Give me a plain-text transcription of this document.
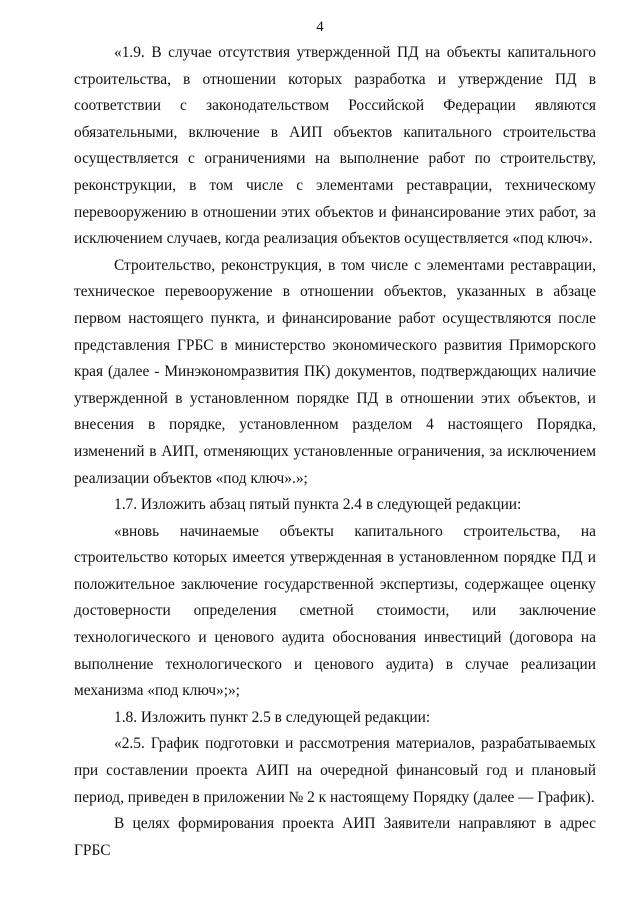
4

«1.9. В случае отсутствия утвержденной ПД на объекты капитального строительства, в отношении которых разработка и утверждение ПД в соответствии с законодательством Российской Федерации являются обязательными, включение в АИП объектов капитального строительства осуществляется с ограничениями на выполнение работ по строительству, реконструкции, в том числе с элементами реставрации, техническому перевооружению в отношении этих объектов и финансирование этих работ, за исключением случаев, когда реализация объектов осуществляется «под ключ».

Строительство, реконструкция, в том числе с элементами реставрации, техническое перевооружение в отношении объектов, указанных в абзаце первом настоящего пункта, и финансирование работ осуществляются после представления ГРБС в министерство экономического развития Приморского края (далее - Минэкономразвития ПК) документов, подтверждающих наличие утвержденной в установленном порядке ПД в отношении этих объектов, и внесения в порядке, установленном разделом 4 настоящего Порядка, изменений в АИП, отменяющих установленные ограничения, за исключением реализации объектов «под ключ».»;

1.7. Изложить абзац пятый пункта 2.4 в следующей редакции:

«вновь начинаемые объекты капитального строительства, на строительство которых имеется утвержденная в установленном порядке ПД и положительное заключение государственной экспертизы, содержащее оценку достоверности определения сметной стоимости, или заключение технологического и ценового аудита обоснования инвестиций (договора на выполнение технологического и ценового аудита) в случае реализации механизма «под ключ»;»;

1.8. Изложить пункт 2.5 в следующей редакции:

«2.5. График подготовки и рассмотрения материалов, разрабатываемых при составлении проекта АИП на очередной финансовый год и плановый период, приведен в приложении № 2 к настоящему Порядку (далее — График).

В целях формирования проекта АИП Заявители направляют в адрес ГРБС
